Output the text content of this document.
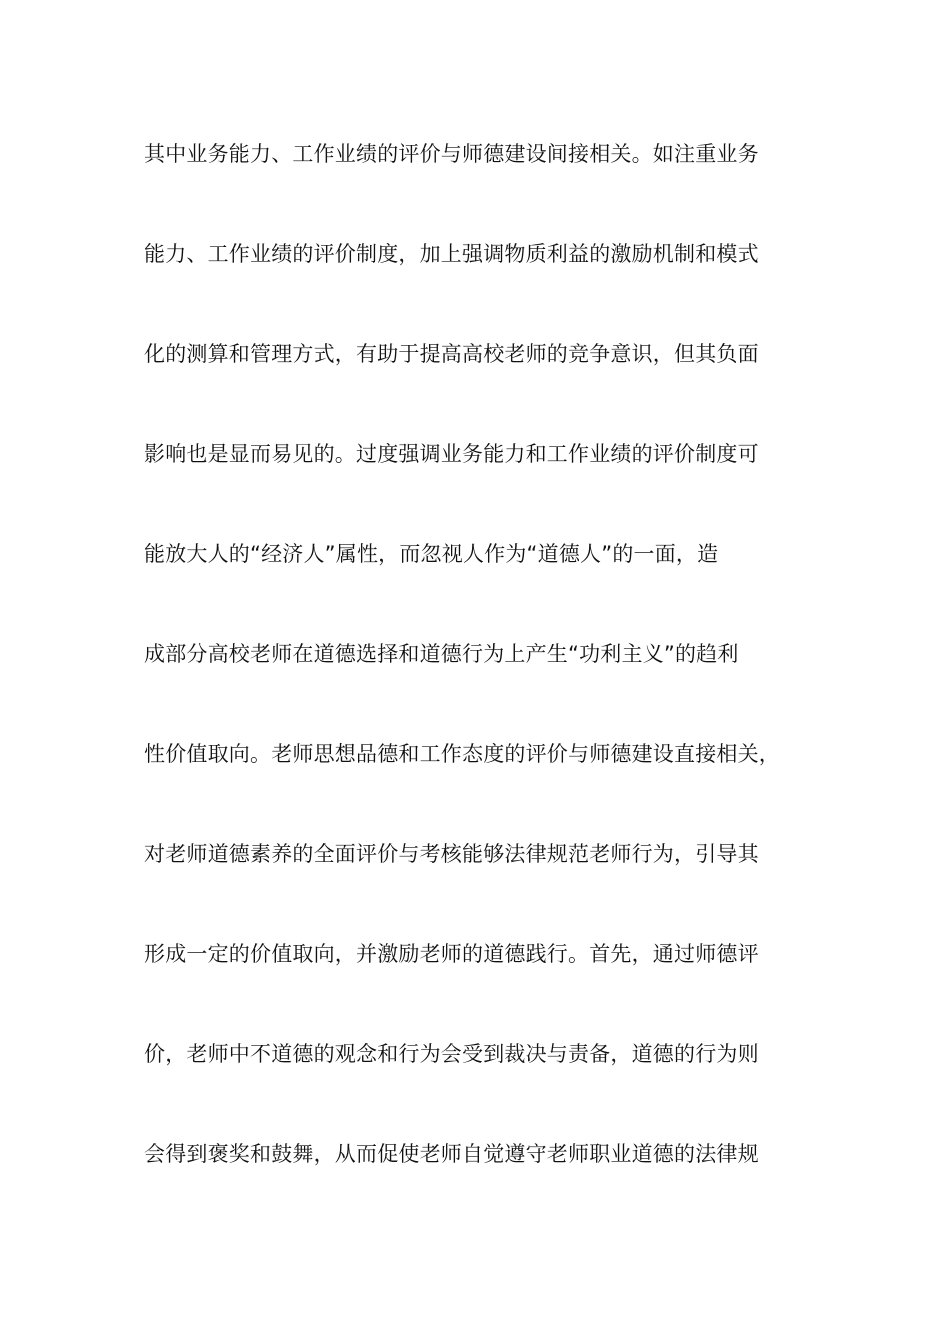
其中业务能力、工作业绩的评价与师德建设间接相关。如注重业务
能力、工作业绩的评价制度，加上强调物质利益的激励机制和模式
化的测算和管理方式，有助于提高高校老师的竞争意识，但其负面
影响也是显而易见的。过度强调业务能力和工作业绩的评价制度可
能放大人的“经济人”属性，而忽视人作为“道德人”的一面，造
成部分高校老师在道德选择和道德行为上产生“功利主义”的趋利
性价值取向。老师思想品德和工作态度的评价与师德建设直接相关，
对老师道德素养的全面评价与考核能够法律规范老师行为，引导其
形成一定的价值取向，并激励老师的道德践行。首先，通过师德评
价，老师中不道德的观念和行为会受到裁决与责备，道德的行为则
会得到褒奖和鼓舞，从而促使老师自觉遵守老师职业道德的法律规
